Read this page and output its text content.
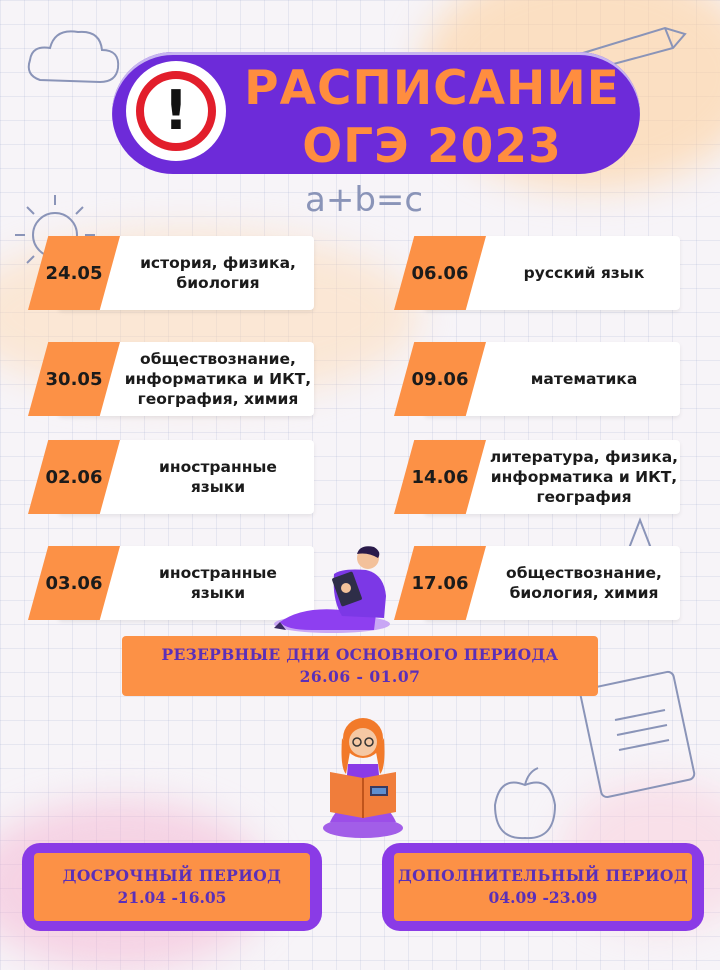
a+b=c
!	РАСПИСАНИЕ
ОГЭ 2023
история, физика,
биология
24.05
обществознание,
информатика и ИКТ,
география, химия
30.05
иностранные
языки
02.06
иностранные
языки
03.06
русский язык
06.06
математика
09.06
литература, физика,
информатика и ИКТ,
география
14.06
обществознание,
биология, химия
17.06
РЕЗЕРВНЫЕ ДНИ ОСНОВНОГО ПЕРИОДА
26.06 - 01.07
ДОСРОЧНЫЙ ПЕРИОД
21.04 -16.05
ДОПОЛНИТЕЛЬНЫЙ ПЕРИОД
04.09 -23.09
